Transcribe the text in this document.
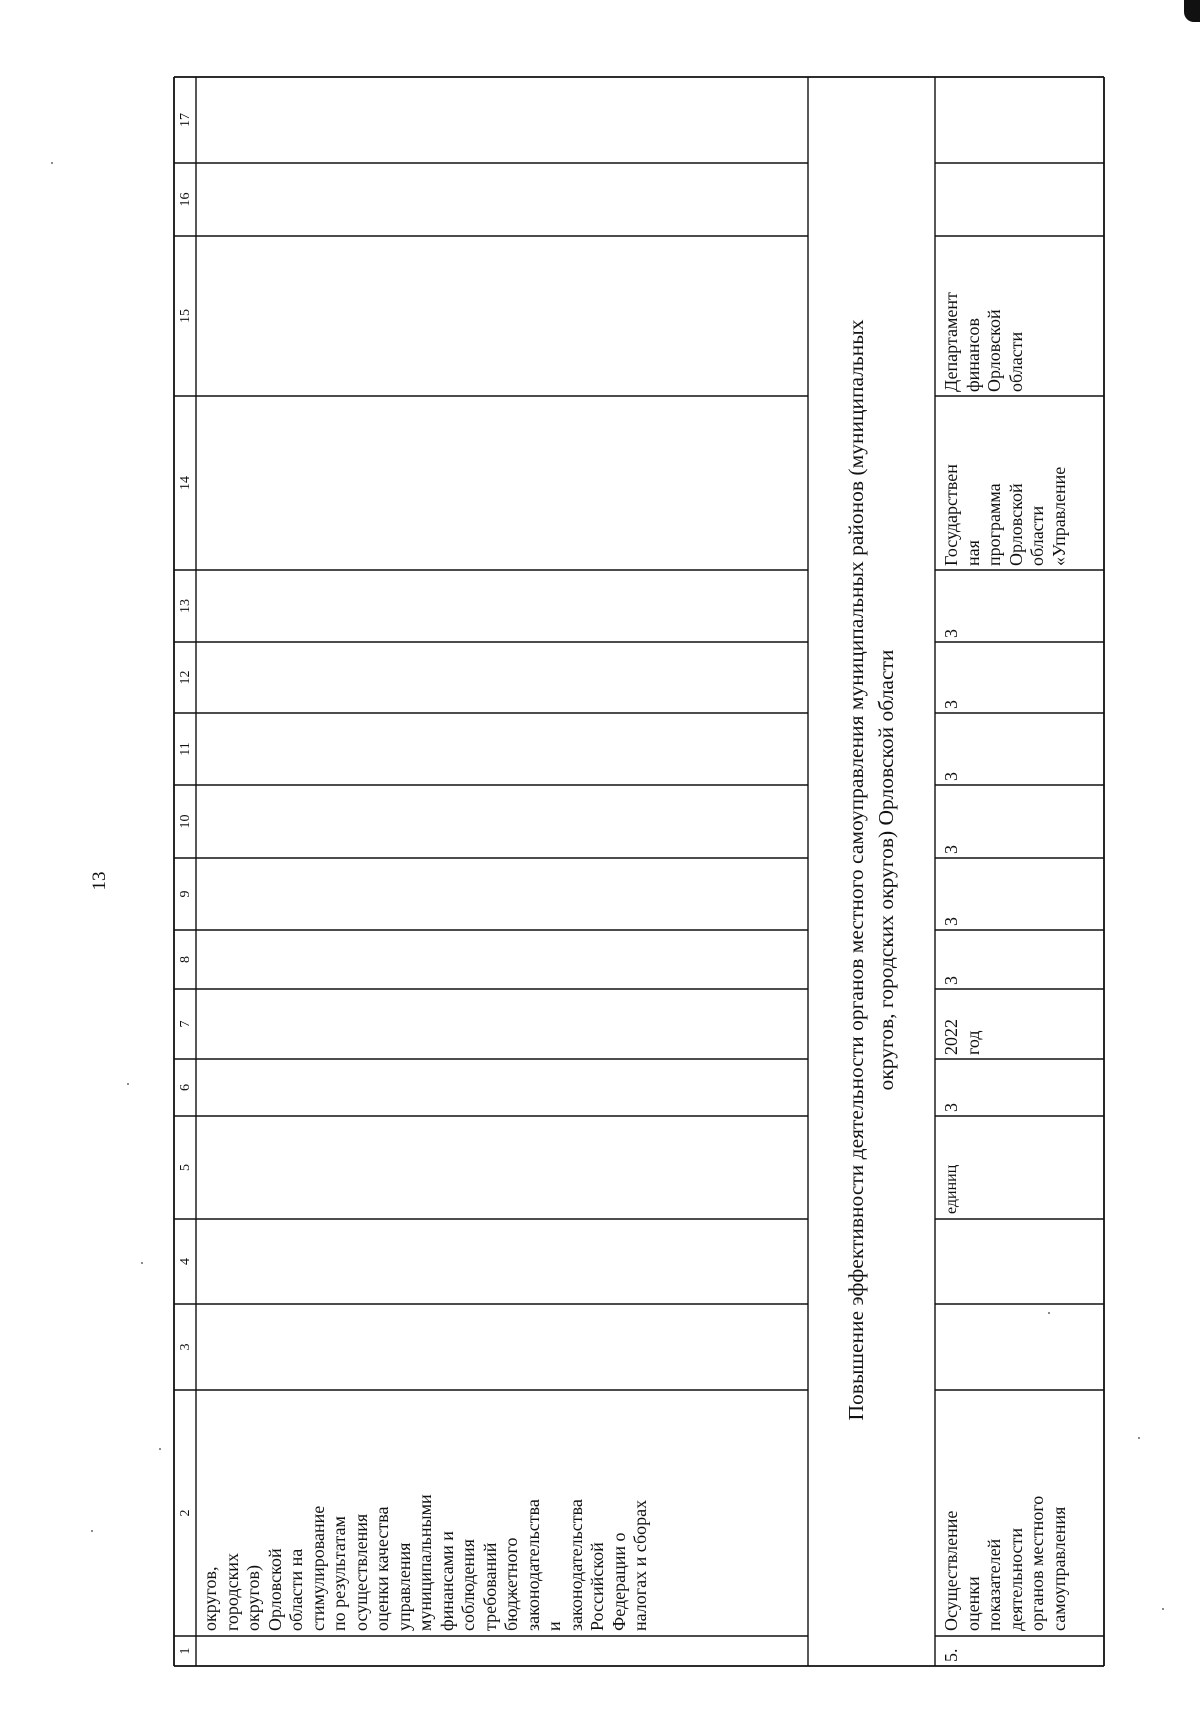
13
17
16
15
14
13
12
11
10
9
8
7
6
5
4
3
2
1
округов, городских округов) Орловской области на стимулирование по результатам осуществления оценки качества управления муниципальными финансами и соблюдения требований бюджетного законодательства и законодательства Российской Федерации о налогах и сборах
Повышение эффективности деятельности органов местного самоуправления муниципальных районов (муниципальных округов, городских округов) Орловской области
5.
Осуществление оценки показателей деятельности органов местного самоуправления
единиц
3
2022 год
3
3
3
3
3
3
Государствен ная программа Орловской области «Управление
Департамент финансов Орловской области
